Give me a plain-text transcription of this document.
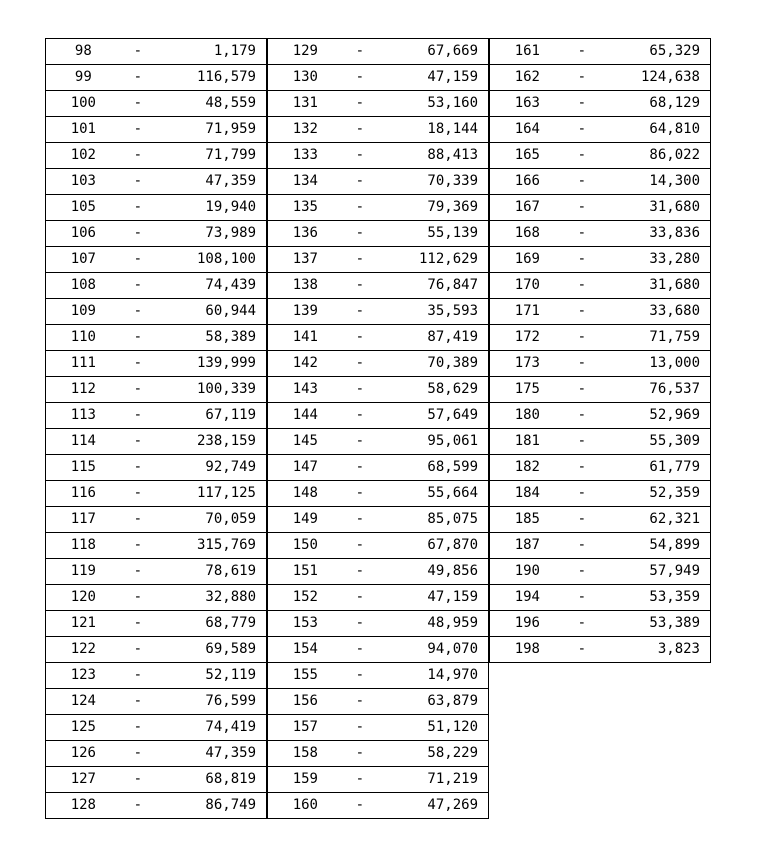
98	-	1,179
99	-	116,579
100	-	48,559
101	-	71,959
102	-	71,799
103	-	47,359
105	-	19,940
106	-	73,989
107	-	108,100
108	-	74,439
109	-	60,944
110	-	58,389
111	-	139,999
112	-	100,339
113	-	67,119
114	-	238,159
115	-	92,749
116	-	117,125
117	-	70,059
118	-	315,769
119	-	78,619
120	-	32,880
121	-	68,779
122	-	69,589
123	-	52,119
124	-	76,599
125	-	74,419
126	-	47,359
127	-	68,819
128	-	86,749
129	-	67,669
130	-	47,159
131	-	53,160
132	-	18,144
133	-	88,413
134	-	70,339
135	-	79,369
136	-	55,139
137	-	112,629
138	-	76,847
139	-	35,593
141	-	87,419
142	-	70,389
143	-	58,629
144	-	57,649
145	-	95,061
147	-	68,599
148	-	55,664
149	-	85,075
150	-	67,870
151	-	49,856
152	-	47,159
153	-	48,959
154	-	94,070
155	-	14,970
156	-	63,879
157	-	51,120
158	-	58,229
159	-	71,219
160	-	47,269
161	-	65,329
162	-	124,638
163	-	68,129
164	-	64,810
165	-	86,022
166	-	14,300
167	-	31,680
168	-	33,836
169	-	33,280
170	-	31,680
171	-	33,680
172	-	71,759
173	-	13,000
175	-	76,537
180	-	52,969
181	-	55,309
182	-	61,779
184	-	52,359
185	-	62,321
187	-	54,899
190	-	57,949
194	-	53,359
196	-	53,389
198	-	3,823
